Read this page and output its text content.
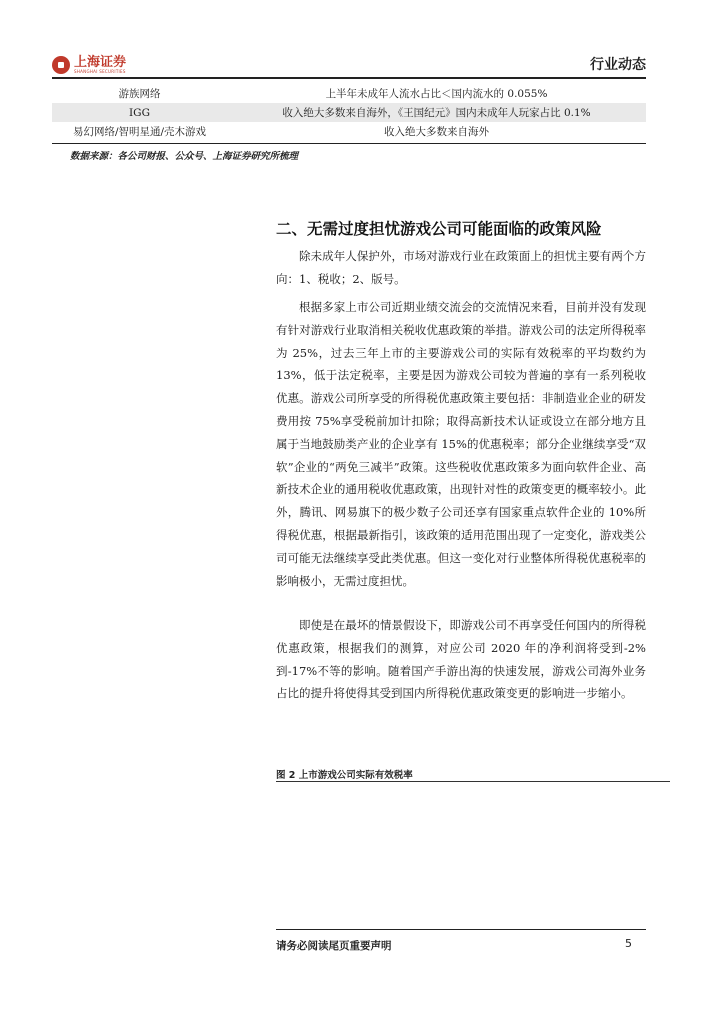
上海证券
SHANGHAI SECURITIES	行业动态
游族网络	上半年未成年人流水占比＜国内流水的 0.055%
IGG	收入绝大多数来自海外，《王国纪元》国内未成年人玩家占比 0.1%
易幻网络/智明星通/壳木游戏	收入绝大多数来自海外
数据来源：各公司财报、公众号、上海证券研究所梳理
二、无需过度担忧游戏公司可能面临的政策风险

除未成年人保护外，市场对游戏行业在政策面上的担忧主要有两个方向：1、税收；2、版号。

根据多家上市公司近期业绩交流会的交流情况来看，目前并没有发现有针对游戏行业取消相关税收优惠政策的举措。游戏公司的法定所得税率为 25%，过去三年上市的主要游戏公司的实际有效税率的平均数约为 13%，低于法定税率，主要是因为游戏公司较为普遍的享有一系列税收优惠。游戏公司所享受的所得税优惠政策主要包括：非制造业企业的研发费用按 75%享受税前加计扣除；取得高新技术认证或设立在部分地方且属于当地鼓励类产业的企业享有 15%的优惠税率；部分企业继续享受“双软”企业的“两免三减半”政策。这些税收优惠政策多为面向软件企业、高新技术企业的通用税收优惠政策，出现针对性的政策变更的概率较小。此外，腾讯、网易旗下的极少数子公司还享有国家重点软件企业的 10%所得税优惠，根据最新指引，该政策的适用范围出现了一定变化，游戏类公司可能无法继续享受此类优惠。但这一变化对行业整体所得税优惠税率的影响极小，无需过度担忧。

即使是在最坏的情景假设下，即游戏公司不再享受任何国内的所得税优惠政策，根据我们的测算，对应公司 2020 年的净利润将受到-2%到-17%不等的影响。随着国产手游出海的快速发展，游戏公司海外业务占比的提升将使得其受到国内所得税优惠政策变更的影响进一步缩小。

图 2 上市游戏公司实际有效税率
请务必阅读尾页重要声明	5
